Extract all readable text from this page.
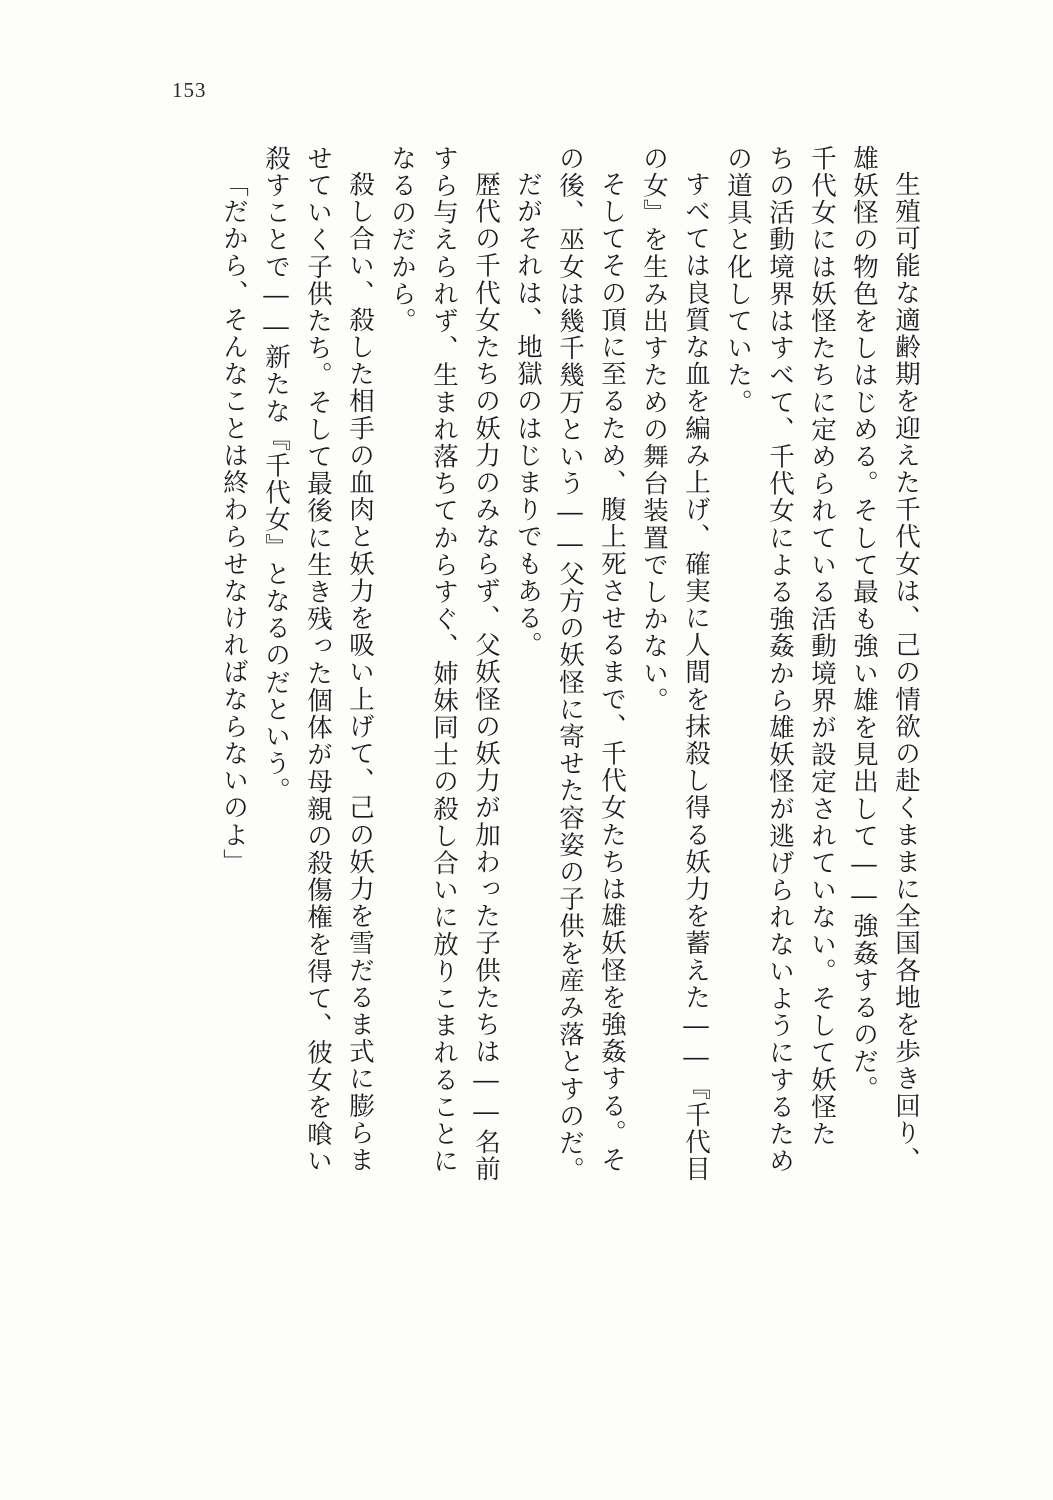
153
生殖可能な適齢期を迎えた千代女は、己の情欲の赴くままに全国各地を歩き回り、
雄妖怪の物色をしはじめる。そして最も強い雄を見出して――強姦するのだ。
千代女には妖怪たちに定められている活動境界が設定されていない。そして妖怪た
ちの活動境界はすべて、千代女による強姦から雄妖怪が逃げられないようにするため
の道具と化していた。
すべては良質な血を編み上げ、確実に人間を抹殺し得る妖力を蓄えた――『千代目
の女』を生み出すための舞台装置でしかない。
そしてその頂に至るため、腹上死させるまで、千代女たちは雄妖怪を強姦する。そ
の後、巫女は幾千幾万という――父方の妖怪に寄せた容姿の子供を産み落とすのだ。
だがそれは、地獄のはじまりでもある。
歴代の千代女たちの妖力のみならず、父妖怪の妖力が加わった子供たちは――名前
すら与えられず、生まれ落ちてからすぐ、姉妹同士の殺し合いに放りこまれることに
なるのだから。
殺し合い、殺した相手の血肉と妖力を吸い上げて、己の妖力を雪だるま式に膨らま
せていく子供たち。そして最後に生き残った個体が母親の殺傷権を得て、彼女を喰い
殺すことで――新たな『千代女』となるのだという。
「だから、そんなことは終わらせなければならないのよ」
